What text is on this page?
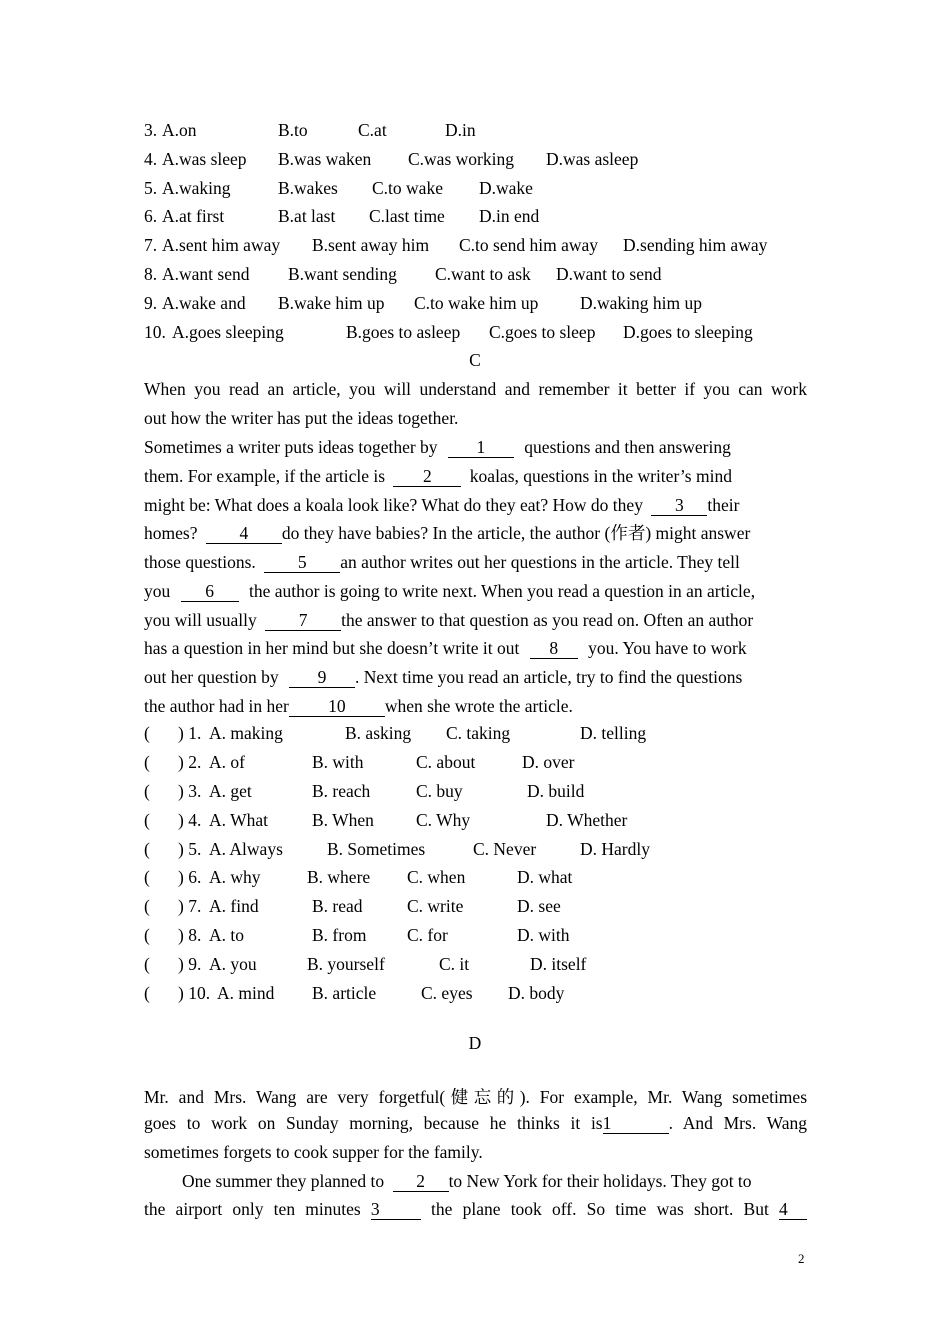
3. A.on	B.to	C.at	D.in
4. A.was sleep B.was waken C.was working D.was asleep
5. A.waking	B.wakes C.to wake D.wake
6. A.at first	B.at last C.last time D.in end
7. A.sent him away B.sent away him C.to send him away D.sending him away
8. A.want send B.want sending C.want to ask D.want to send
9. A.wake and B.wake him up C.to wake him up D.waking him up
10. A.goes sleeping	B.goes to asleep C.goes to sleep D.goes to sleeping
C
When you read an article, you will understand and remember it better if you can work
out how the writer has put the ideas together.
Sometimes a writer puts ideas together by 1 questions and then answering
them. For example, if the article is 2 koalas, questions in the writer’s mind
might be: What does a koala look like? What do they eat? How do they 3 their
homes? 4 do they have babies? In the article, the author (作者) might answer
those questions. 5 an author writes out her questions in the article. They tell
you 6 the author is going to write next. When you read a question in an article,
you will usually 7 the answer to that question as you read on. Often an author
has a question in her mind but she doesn’t write it out 8 you. You have to work
out her question by 9 . Next time you read an article, try to find the questions
the author had in her 10 when she wrote the article.
( ) 1. A. making	B. asking C. taking	D. telling
( ) 2. A. of	B. with	C. about	D. over
( ) 3. A. get	B. reach	C. buy	D. build
( ) 4. A. What	B. When C. Why	D. Whether
( ) 5. A. Always	B. Sometimes	C. Never	D. Hardly
( ) 6. A. why	B. where C. when	D. what
( ) 7. A. find	B. read	C. write	D. see
( ) 8. A. to	B. from C. for	D. with
( ) 9. A. you	B. yourself	C. it	D. itself
( ) 10. A. mind B. article	C. eyes D. body
D
Mr. and Mrs. Wang are very forgetful(健忘的). For example, Mr. Wang sometimes
goes to work on Sunday morning, because he thinks it is1	. And Mrs. Wang
sometimes forgets to cook supper for the family.
One summer they planned to 2 to New York for their holidays. They got to
the airport only ten minutes 3	the plane took off. So time was short. But 4
2
